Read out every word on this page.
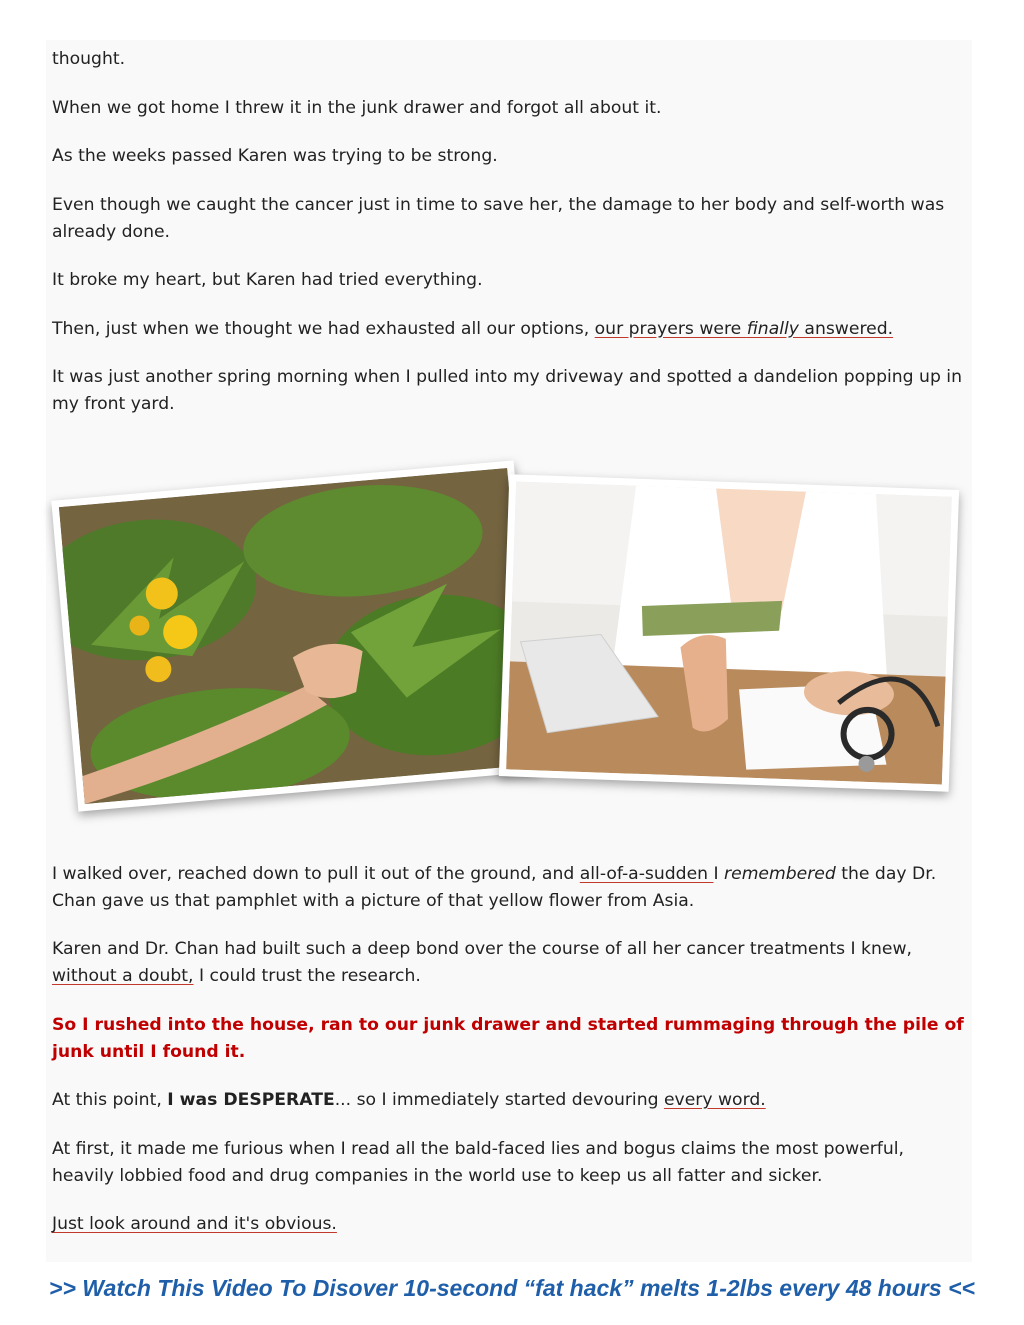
thought.

When we got home I threw it in the junk drawer and forgot all about it.

As the weeks passed Karen was trying to be strong.

Even though we caught the cancer just in time to save her, the damage to her body and self-worth was already done.

It broke my heart, but Karen had tried everything.

Then, just when we thought we had exhausted all our options, our prayers were finally answered.

It was just another spring morning when I pulled into my driveway and spotted a dandelion popping up in my front yard.

I walked over, reached down to pull it out of the ground, and all-of-a-sudden I remembered the day Dr. Chan gave us that pamphlet with a picture of that yellow flower from Asia.

Karen and Dr. Chan had built such a deep bond over the course of all her cancer treatments I knew, without a doubt, I could trust the research.

So I rushed into the house, ran to our junk drawer and started rummaging through the pile of junk until I found it.

At this point, I was DESPERATE... so I immediately started devouring every word.

At first, it made me furious when I read all the bald-faced lies and bogus claims the most powerful, heavily lobbied food and drug companies in the world use to keep us all fatter and sicker.

Just look around and it's obvious.

>> Watch This Video To Disover 10-second “fat hack” melts 1-2lbs every 48 hours <<
